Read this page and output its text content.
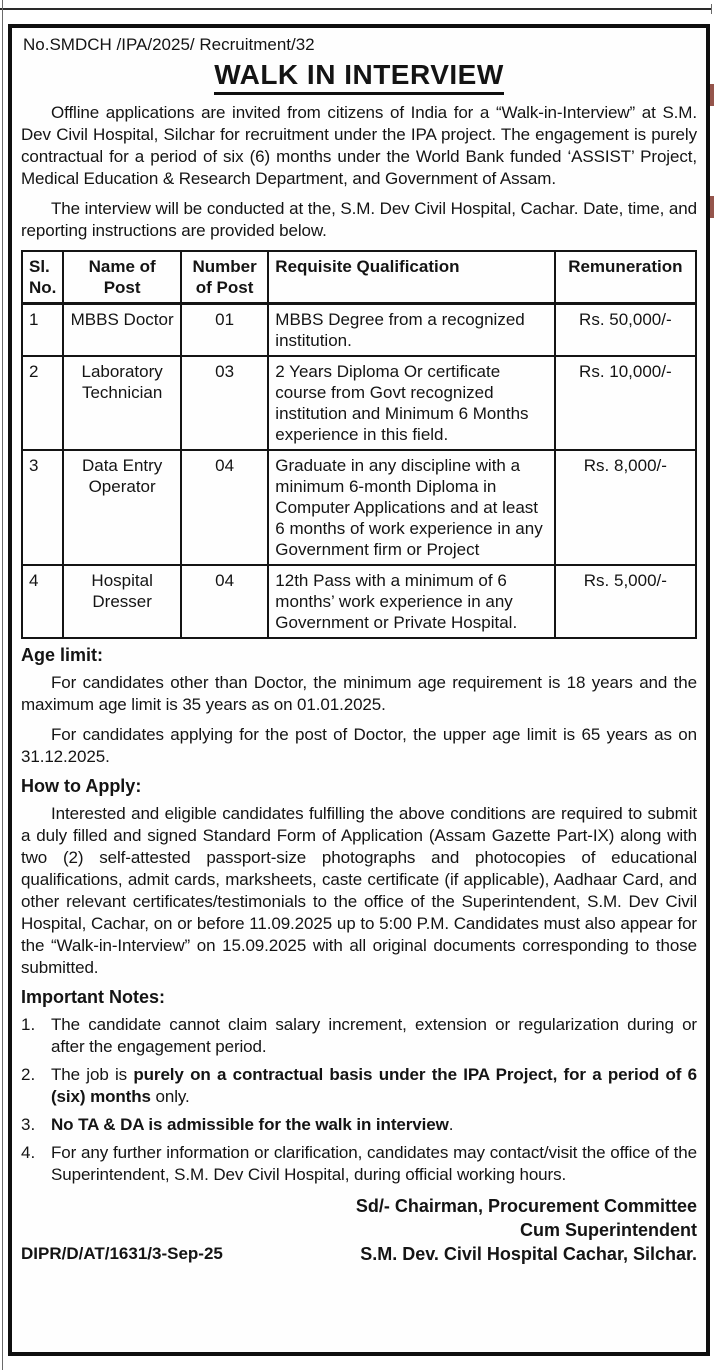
No.SMDCH /IPA/2025/ Recruitment/32
WALK IN INTERVIEW

Offline applications are invited from citizens of India for a “Walk-in-Interview” at S.M. Dev Civil Hospital, Silchar for recruitment under the IPA project. The engagement is purely contractual for a period of six (6) months under the World Bank funded ‘ASSIST’ Project, Medical Education & Research Department, and Government of Assam.

The interview will be conducted at the, S.M. Dev Civil Hospital, Cachar. Date, time, and reporting instructions are provided below.

Sl. No.	Name of Post	Number of Post	Requisite Qualification	Remuneration
1	MBBS Doctor	01	MBBS Degree from a recognized institution.	Rs. 50,000/-
2	Laboratory Technician	03	2 Years Diploma Or certificate course from Govt recognized institution and Minimum 6 Months experience in this field.	Rs. 10,000/-
3	Data Entry Operator	04	Graduate in any discipline with a minimum 6-month Diploma in Computer Applications and at least 6 months of work experience in any Government firm or Project	Rs. 8,000/-
4	Hospital Dresser	04	12th Pass with a minimum of 6 months’ work experience in any Government or Private Hospital.	Rs. 5,000/-
Age limit:

For candidates other than Doctor, the minimum age requirement is 18 years and the maximum age limit is 35 years as on 01.01.2025.

For candidates applying for the post of Doctor, the upper age limit is 65 years as on 31.12.2025.

How to Apply:

Interested and eligible candidates fulfilling the above conditions are required to submit a duly filled and signed Standard Form of Application (Assam Gazette Part-IX) along with two (2) self-attested passport-size photographs and photocopies of educational qualifications, admit cards, marksheets, caste certificate (if applicable), Aadhaar Card, and other relevant certificates/testimonials to the office of the Superintendent, S.M. Dev Civil Hospital, Cachar, on or before 11.09.2025 up to 5:00 P.M. Candidates must also appear for the “Walk-in-Interview” on 15.09.2025 with all original documents corresponding to those submitted.

Important Notes:
1. The candidate cannot claim salary increment, extension or regularization during or after the engagement period.
2. The job is purely on a contractual basis under the IPA Project, for a period of 6 (six) months only.
3. No TA & DA is admissible for the walk in interview.
4. For any further information or clarification, candidates may contact/visit the office of the Superintendent, S.M. Dev Civil Hospital, during official working hours.
Sd/- Chairman, Procurement Committee
Cum Superintendent
DIPR/D/AT/1631/3-Sep-25	S.M. Dev. Civil Hospital Cachar, Silchar.
